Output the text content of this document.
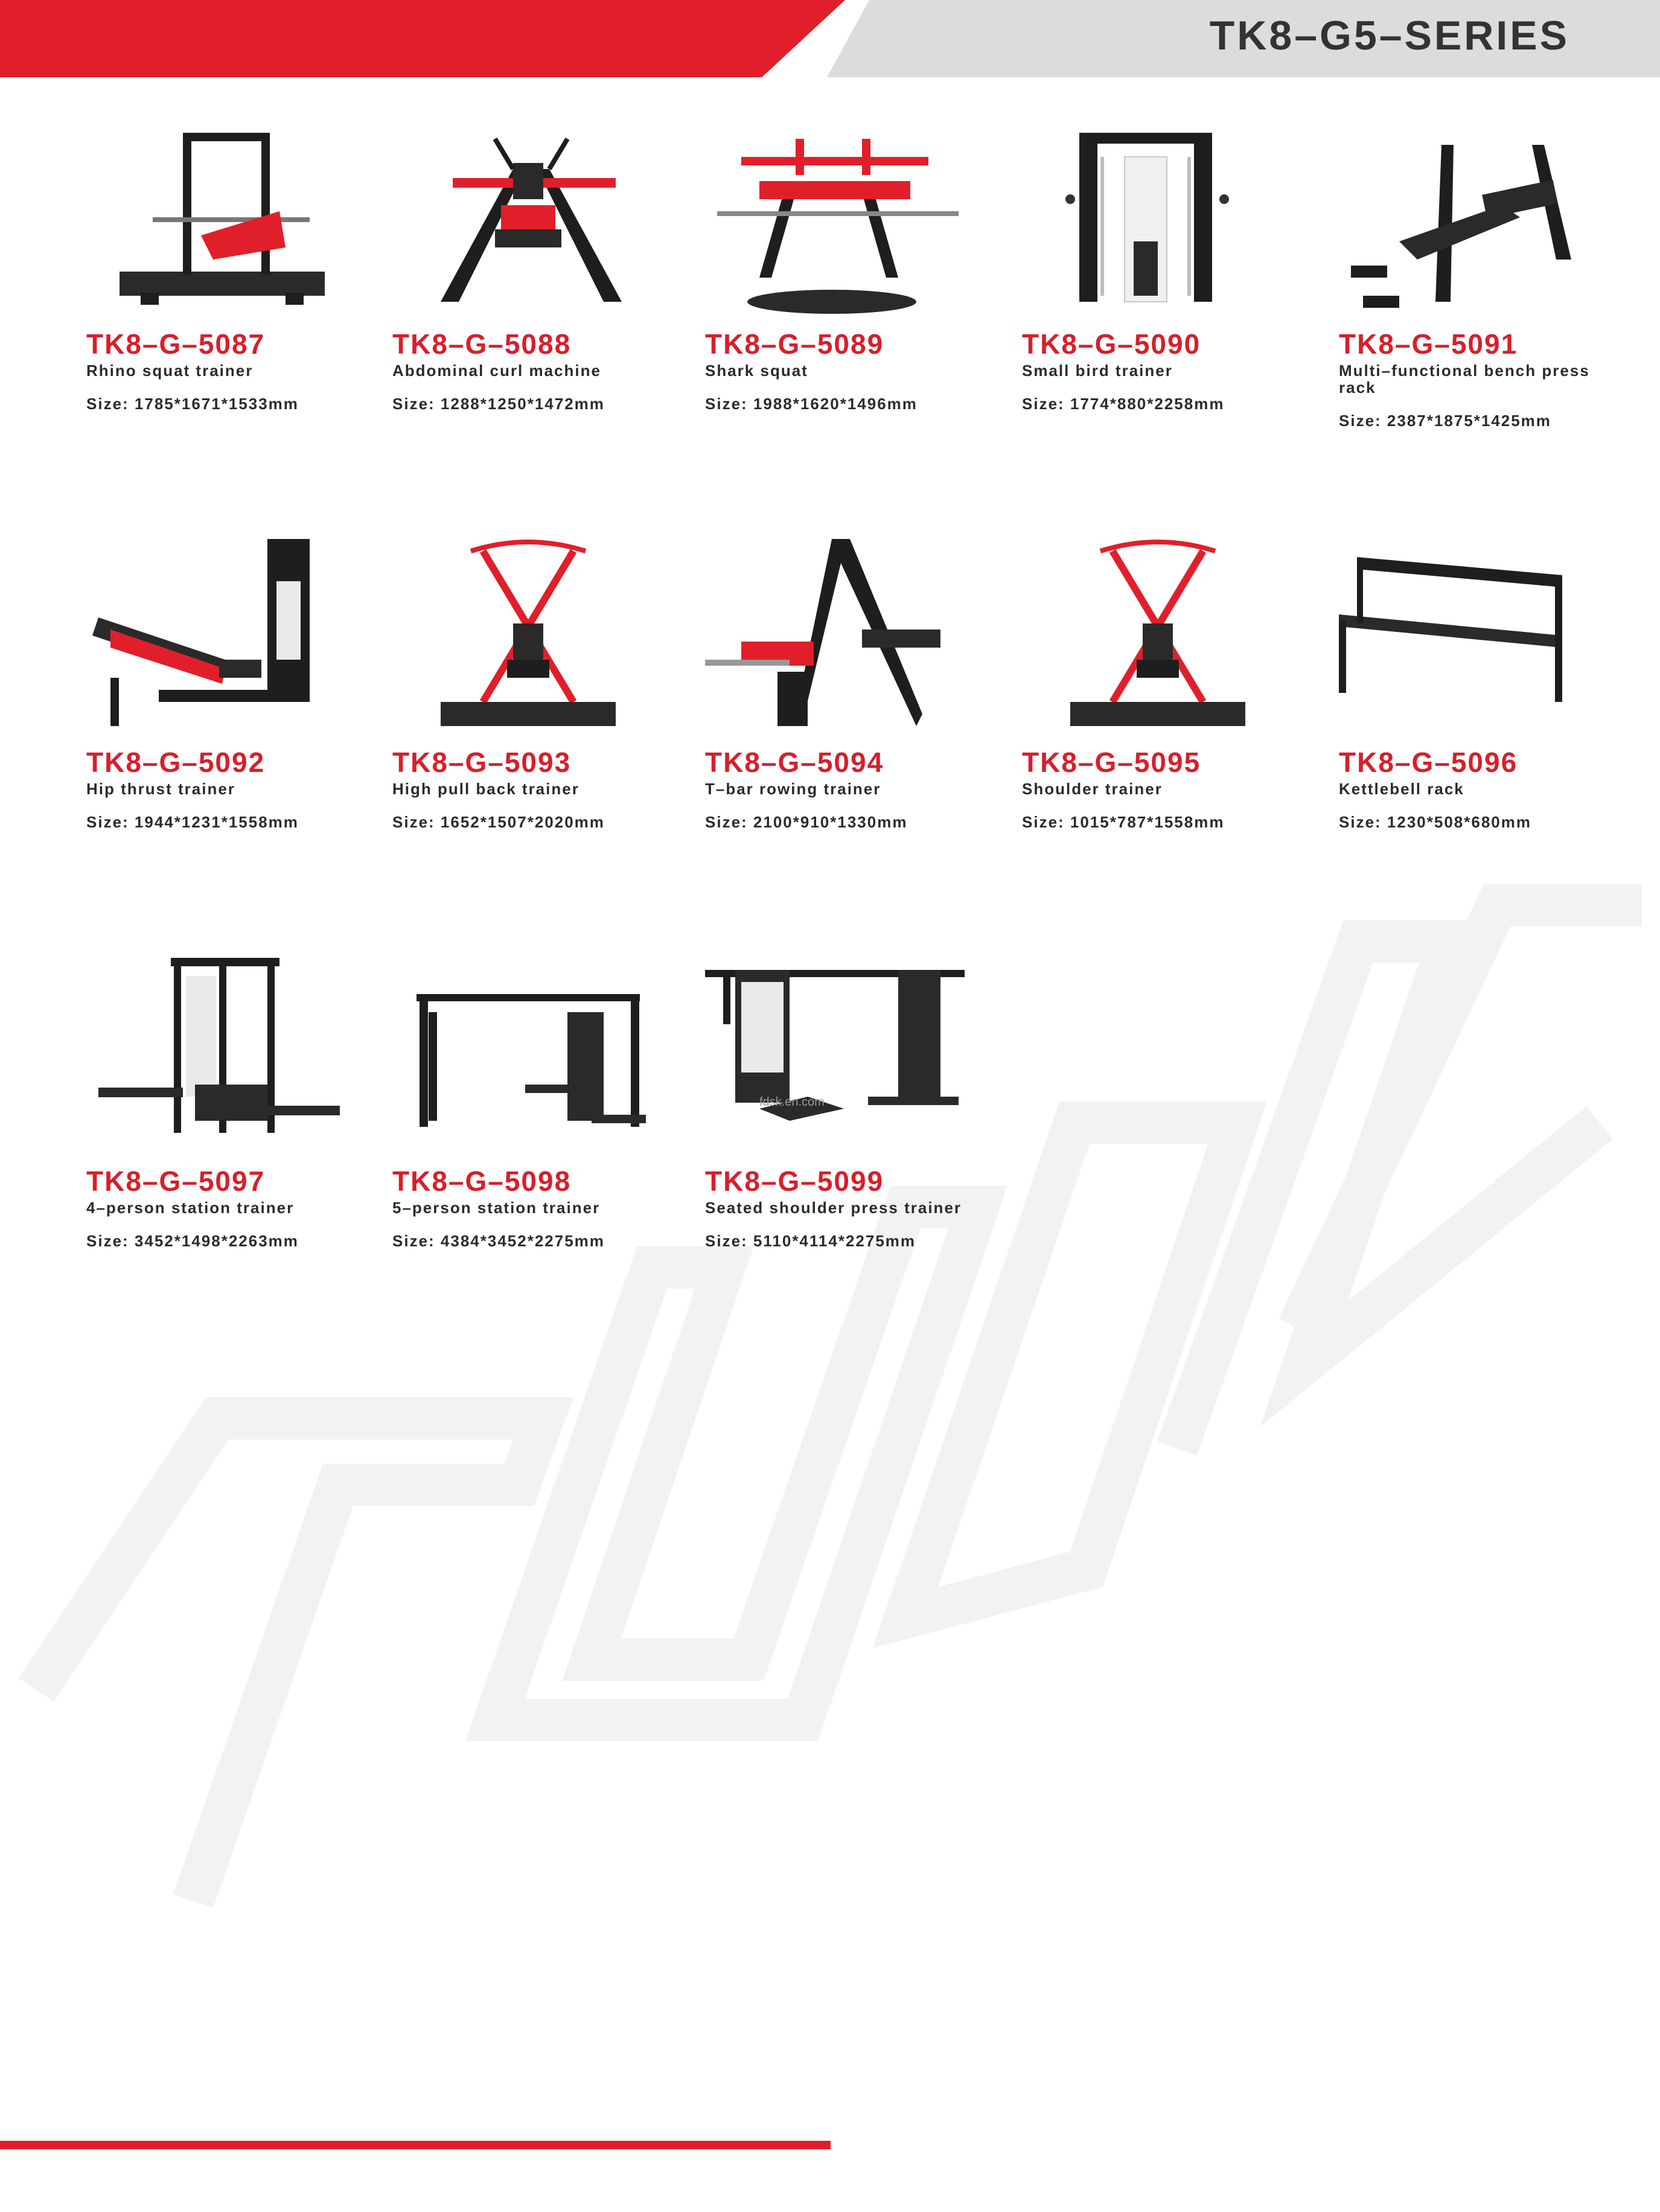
TK8–G5–SERIES
TK8–G–5087
Rhino squat trainer
Size: 1785*1671*1533mm
TK8–G–5088
Abdominal curl machine
Size: 1288*1250*1472mm
TK8–G–5089
Shark squat
Size: 1988*1620*1496mm
TK8–G–5090
Small bird trainer
Size: 1774*880*2258mm
TK8–G–5091
Multi–functional bench press rack
Size: 2387*1875*1425mm
TK8–G–5092
Hip thrust trainer
Size: 1944*1231*1558mm
TK8–G–5093
High pull back trainer
Size: 1652*1507*2020mm
TK8–G–5094
T–bar rowing trainer
Size: 2100*910*1330mm
TK8–G–5095
Shoulder trainer
Size: 1015*787*1558mm
TK8–G–5096
Kettlebell rack
Size: 1230*508*680mm
TK8–G–5097
4–person station trainer
Size: 3452*1498*2263mm
TK8–G–5098
5–person station trainer
Size: 4384*3452*2275mm
TK8–G–5099
Seated shoulder press trainer
Size: 5110*4114*2275mm
fdsk.en.com
